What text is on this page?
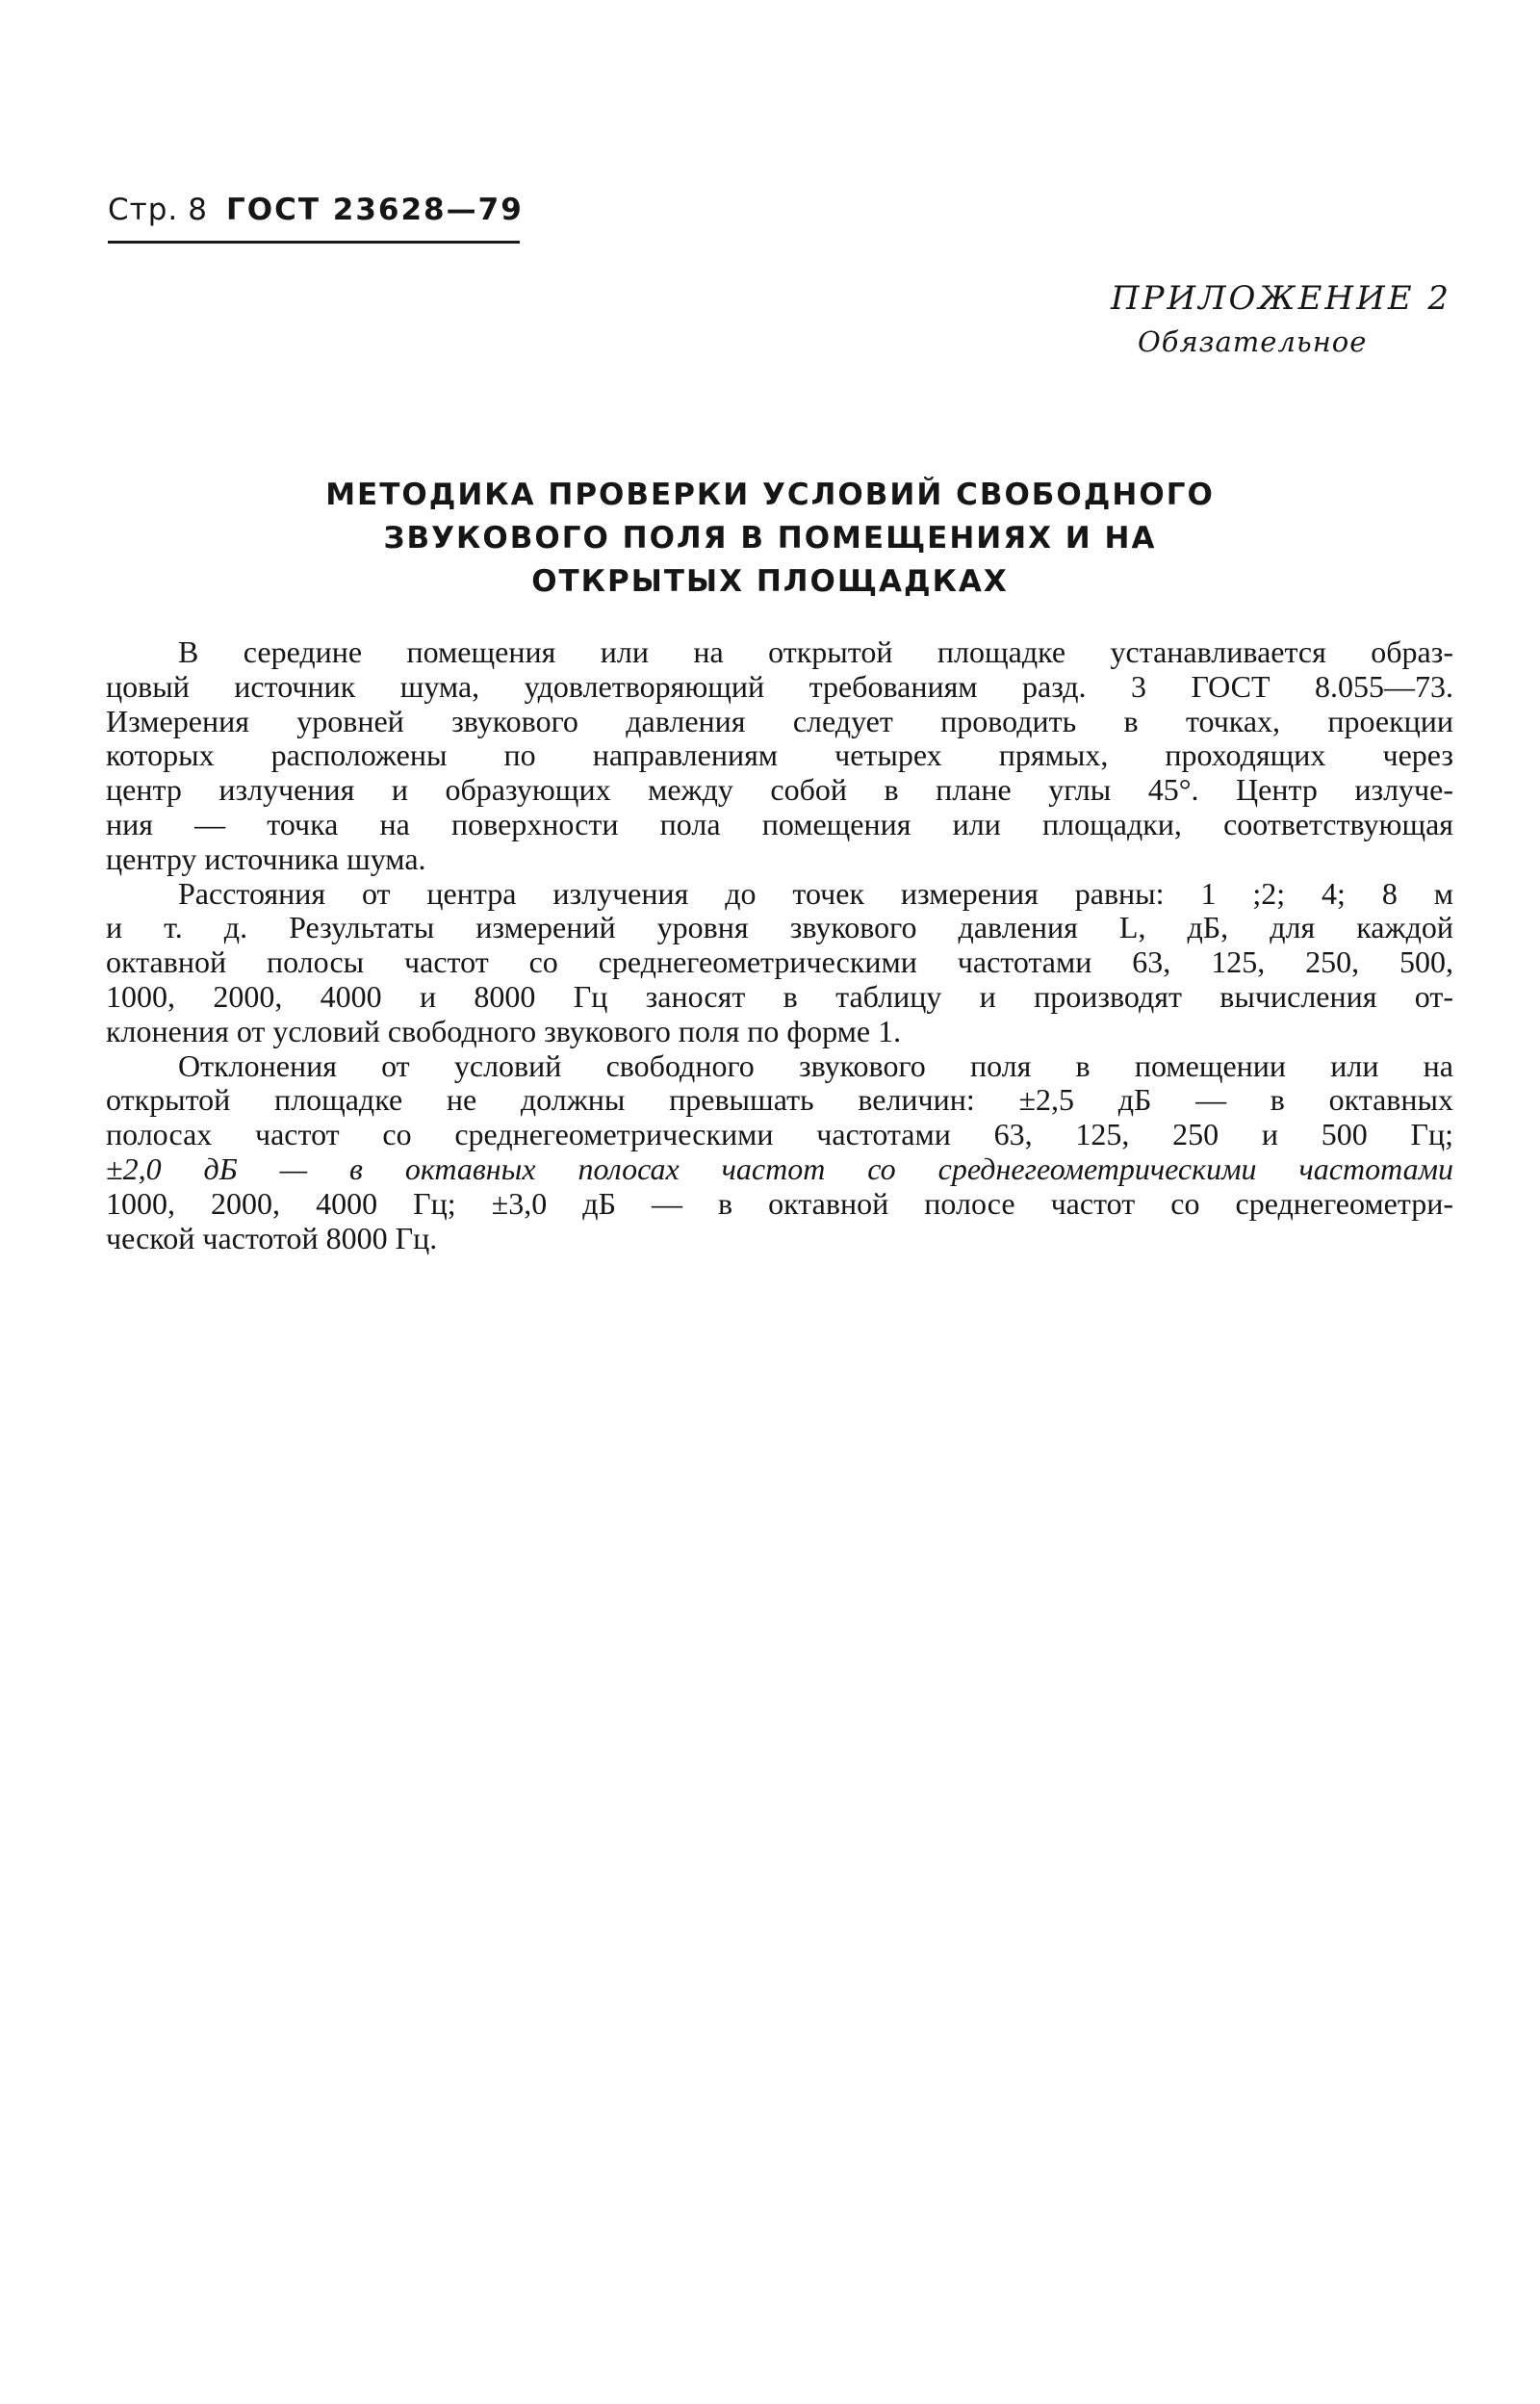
Стр. 8 ГОСТ 23628—79
ПРИЛОЖЕНИЕ 2
Обязательное
МЕТОДИКА ПРОВЕРКИ УСЛОВИЙ СВОБОДНОГО
ЗВУКОВОГО ПОЛЯ В ПОМЕЩЕНИЯХ И НА
ОТКРЫТЫХ ПЛОЩАДКАХ
В середине помещения или на открытой площадке устанавливается образ-
цовый источник шума, удовлетворяющий требованиям разд. 3 ГОСТ 8.055—73.
Измерения уровней звукового давления следует проводить в точках, проекции
которых расположены по направлениям четырех прямых, проходящих через
центр излучения и образующих между собой в плане углы 45°. Центр излуче-
ния — точка на поверхности пола помещения или площадки, соответствующая
центру источника шума.
Расстояния от центра излучения до точек измерения равны: 1 ;2; 4; 8 м
и т. д. Результаты измерений уровня звукового давления L, дБ, для каждой
октавной полосы частот со среднегеометрическими частотами 63, 125, 250, 500,
1000, 2000, 4000 и 8000 Гц заносят в таблицу и производят вычисления от-
клонения от условий свободного звукового поля по форме 1.
Отклонения от условий свободного звукового поля в помещении или на
открытой площадке не должны превышать величин: ±2,5 дБ — в октавных
полосах частот со среднегеометрическими частотами 63, 125, 250 и 500 Гц;
±2,0 дБ — в октавных полосах частот со среднегеометрическими частотами
1000, 2000, 4000 Гц; ±3,0 дБ — в октавной полосе частот со среднегеометри-
ческой частотой 8000 Гц.
